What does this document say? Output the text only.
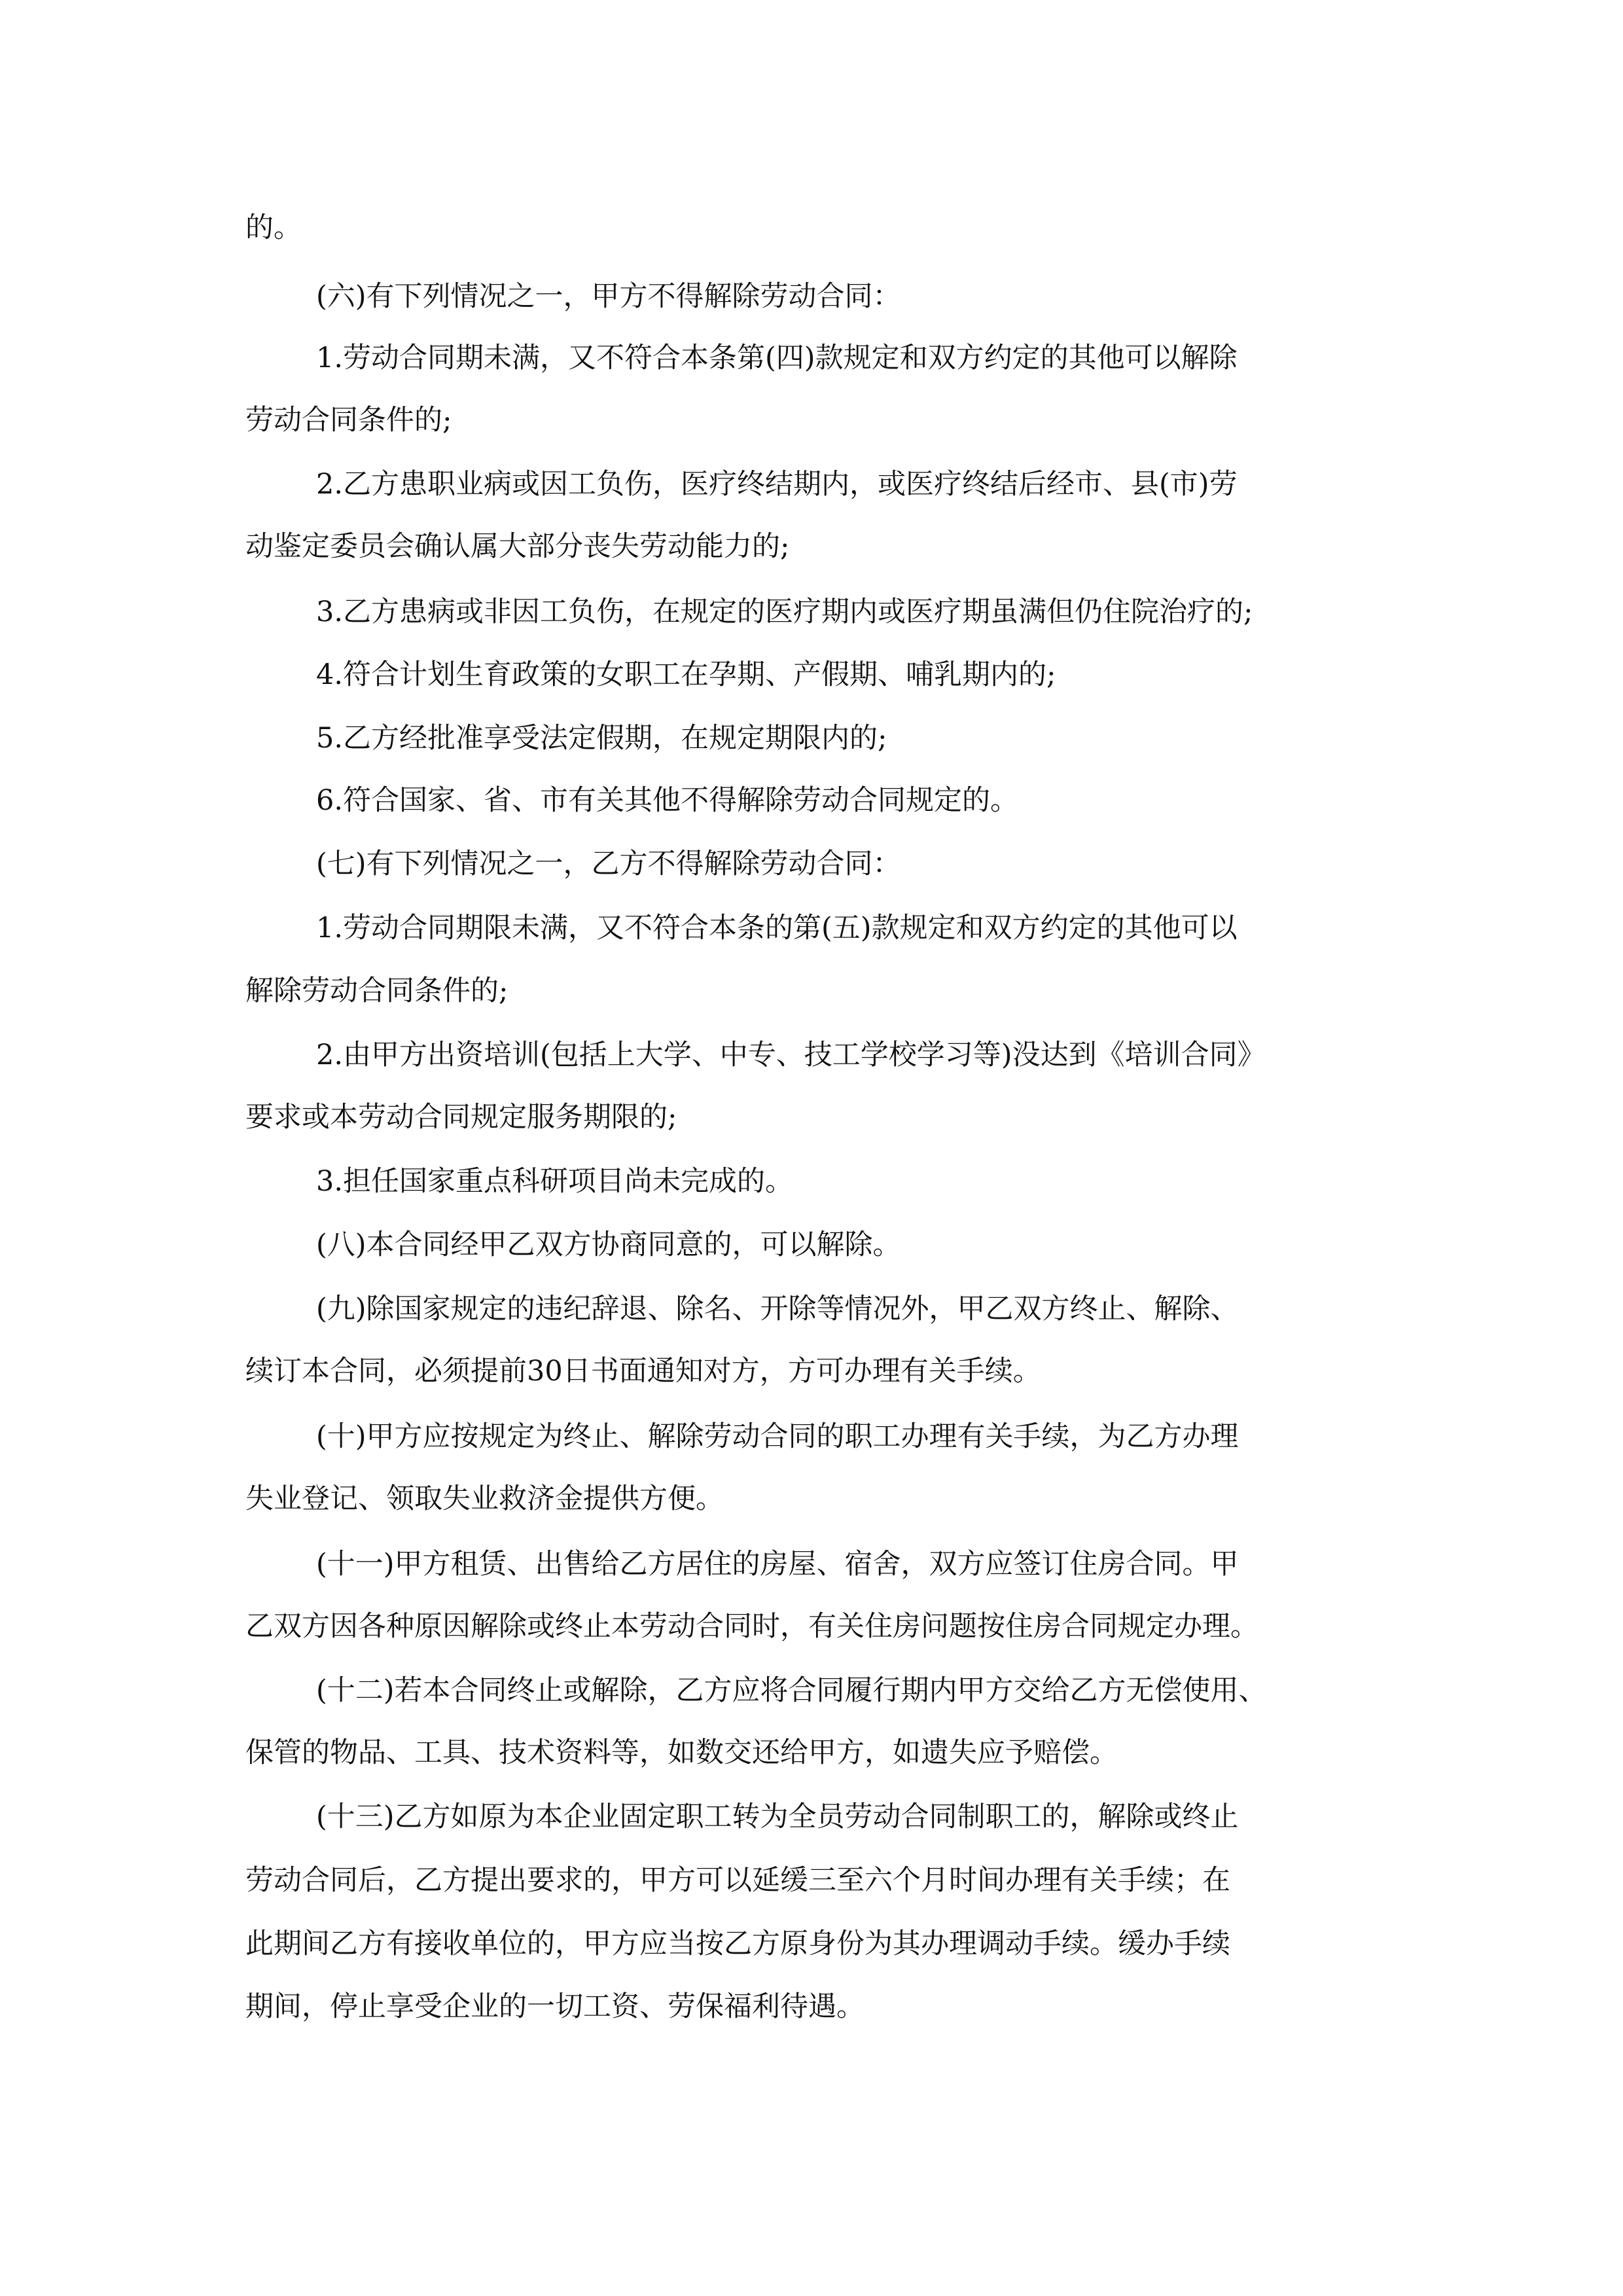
的。
(六)有下列情况之一，甲方不得解除劳动合同：
1.劳动合同期未满，又不符合本条第(四)款规定和双方约定的其他可以解除
劳动合同条件的;
2.乙方患职业病或因工负伤，医疗终结期内，或医疗终结后经市、县(市)劳
动鉴定委员会确认属大部分丧失劳动能力的;
3.乙方患病或非因工负伤，在规定的医疗期内或医疗期虽满但仍住院治疗的;
4.符合计划生育政策的女职工在孕期、产假期、哺乳期内的;
5.乙方经批准享受法定假期，在规定期限内的;
6.符合国家、省、市有关其他不得解除劳动合同规定的。
(七)有下列情况之一，乙方不得解除劳动合同：
1.劳动合同期限未满，又不符合本条的第(五)款规定和双方约定的其他可以
解除劳动合同条件的;
2.由甲方出资培训(包括上大学、中专、技工学校学习等)没达到《培训合同》
要求或本劳动合同规定服务期限的;
3.担任国家重点科研项目尚未完成的。
(八)本合同经甲乙双方协商同意的，可以解除。
(九)除国家规定的违纪辞退、除名、开除等情况外，甲乙双方终止、解除、
续订本合同，必须提前30日书面通知对方，方可办理有关手续。
(十)甲方应按规定为终止、解除劳动合同的职工办理有关手续，为乙方办理
失业登记、领取失业救济金提供方便。
(十一)甲方租赁、出售给乙方居住的房屋、宿舍，双方应签订住房合同。甲
乙双方因各种原因解除或终止本劳动合同时，有关住房问题按住房合同规定办理。
(十二)若本合同终止或解除，乙方应将合同履行期内甲方交给乙方无偿使用、
保管的物品、工具、技术资料等，如数交还给甲方，如遗失应予赔偿。
(十三)乙方如原为本企业固定职工转为全员劳动合同制职工的，解除或终止
劳动合同后，乙方提出要求的，甲方可以延缓三至六个月时间办理有关手续；在
此期间乙方有接收单位的，甲方应当按乙方原身份为其办理调动手续。缓办手续
期间，停止享受企业的一切工资、劳保福利待遇。
